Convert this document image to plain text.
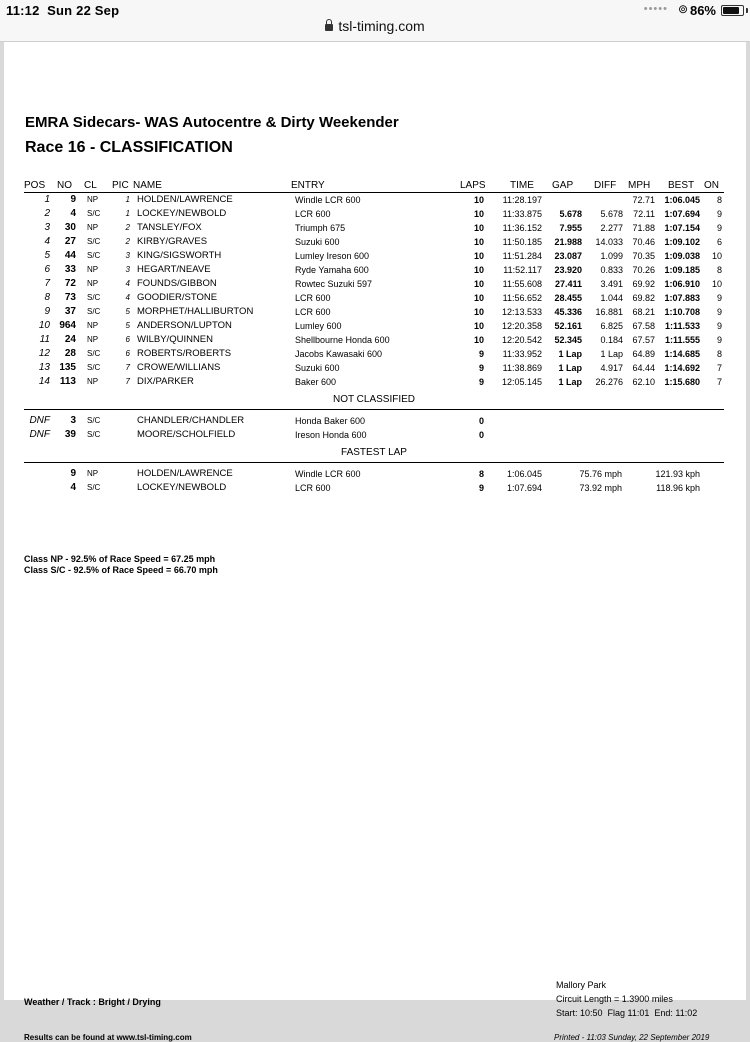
11:12 Sun 22 Sep	••••• ⊚ 86%
tsl-timing.com
EMRA Sidecars- WAS Autocentre & Dirty Weekender
Race 16 - CLASSIFICATION
POS NO CL PIC NAME	ENTRY	LAPS TIME GAP DIFF MPH BEST ON
1	9 NP	1 HOLDEN/LAWRENCE	Windle LCR 600	10	11:28.197	72.71	1:06.045	8
2	4 S/C	1 LOCKEY/NEWBOLD	LCR 600	10	11:33.875	5.678	5.678	72.11	1:07.694	9
3	30 NP	2 TANSLEY/FOX	Triumph 675	10	11:36.152	7.955	2.277	71.88	1:07.154	9
4	27 S/C	2 KIRBY/GRAVES	Suzuki 600	10	11:50.185	21.988	14.033	70.46	1:09.102	6
5	44 S/C	3 KING/SIGSWORTH	Lumley Ireson 600	10	11:51.284	23.087	1.099	70.35	1:09.038	10
6	33 NP	3 HEGART/NEAVE	Ryde Yamaha 600	10	11:52.117	23.920	0.833	70.26	1:09.185	8
7	72 NP	4 FOUNDS/GIBBON	Rowtec Suzuki 597	10	11:55.608	27.411	3.491	69.92	1:06.910	10
8	73 S/C	4 GOODIER/STONE	LCR 600	10	11:56.652	28.455	1.044	69.82	1:07.883	9
9	37 S/C	5 MORPHET/HALLIBURTON	LCR 600	10	12:13.533	45.336	16.881	68.21	1:10.708	9
10 964 NP	5 ANDERSON/LUPTON	Lumley 600	10	12:20.358	52.161	6.825	67.58	1:11.533	9
11	24 NP	6 WILBY/QUINNEN	Shellbourne Honda 600	10	12:20.542	52.345	0.184	67.57	1:11.555	9
12	28 S/C	6 ROBERTS/ROBERTS	Jacobs Kawasaki 600	9	11:33.952	1 Lap	1 Lap	64.89	1:14.685	8
13 135 S/C	7 CROWE/WILLIANS	Suzuki 600	9	11:38.869	1 Lap	4.917	64.44	1:14.692	7
14 113 NP	7 DIX/PARKER	Baker 600	9	12:05.145	1 Lap	26.276	62.10	1:15.680	7
NOT CLASSIFIED
DNF	3 S/C	CHANDLER/CHANDLER	Honda Baker 600	0
DNF	39 S/C	MOORE/SCHOLFIELD	Ireson Honda 600	0
FASTEST LAP
9 NP	HOLDEN/LAWRENCE	Windle LCR 600	8	1:06.045	75.76 mph	121.93 kph
4 S/C	LOCKEY/NEWBOLD	LCR 600	9	1:07.694	73.92 mph	118.96 kph
Class NP - 92.5% of Race Speed = 67.25 mph
Class S/C - 92.5% of Race Speed = 66.70 mph
Mallory Park
Circuit Length = 1.3900 miles
Start: 10:50  Flag 11:01  End: 11:02
Weather / Track : Bright / Drying
Results can be found at www.tsl-timing.com	Printed - 11:03 Sunday, 22 September 2019
